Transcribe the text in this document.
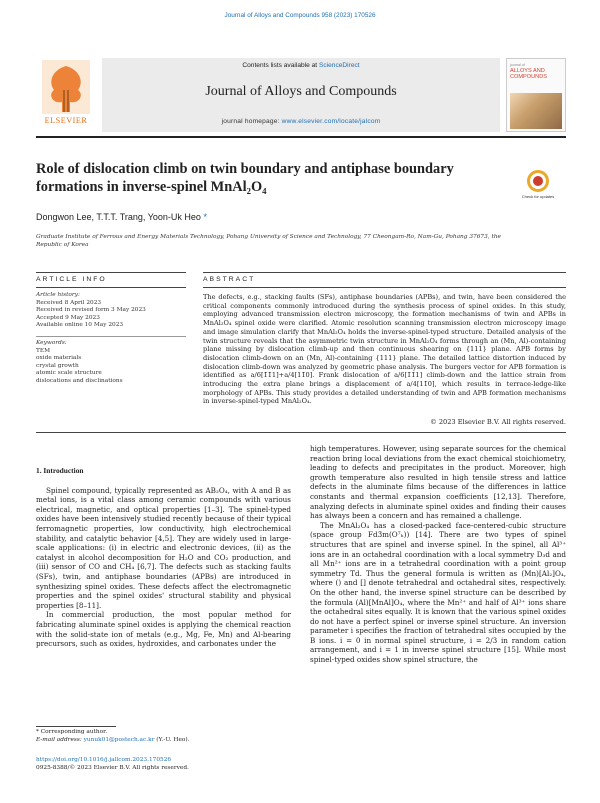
Journal of Alloys and Compounds 958 (2023) 170526
ELSEVIER
Contents lists available at ScienceDirect
Journal of Alloys and Compounds
journal homepage: www.elsevier.com/locate/jalcom
journal of
ALLOYS AND COMPOUNDS
Role of dislocation climb on twin boundary and antiphase boundary formations in inverse-spinel MnAl₂O₄
Check for updates
Dongwon Lee, T.T.T. Trang, Yoon-Uk Heo *
Graduate Institute of Ferrous and Energy Materials Technology, Pohang University of Science and Technology, 77 Cheongam-Ro, Nam-Gu, Pohang 37673, the Republic of Korea
ARTICLE INFO	ABSTRACT
Article history:
Received 8 April 2023
Received in revised form 3 May 2023
Accepted 9 May 2023
Available online 10 May 2023
Keywords:
TEM
oxide materials
crystal growth
atomic scale structure
dislocations and disclinations
The defects, e.g., stacking faults (SFs), antiphase boundaries (APBs), and twin, have been considered the critical components commonly introduced during the synthesis process of spinel oxides. In this study, employing advanced transmission electron microscopy, the formation mechanisms of twin and APBs in MnAl₂O₄ spinel oxide were clarified. Atomic resolution scanning transmission electron microscopy image and image simulation clarify that MnAl₂O₄ holds the inverse-spinel-typed structure. Detailed analysis of the twin structure reveals that the asymmetric twin structure in MnAl₂O₄ forms through an (Mn, Al)-containing plane missing by dislocation climb-up and then continuous shearing on {111} plane. APB forms by dislocation climb-down on an (Mn, Al)-containing {111} plane. The detailed lattice distortion induced by dislocation climb-down was analyzed by geometric phase analysis. The burgers vector for APB formation is identified as a/6[1̄1̄1]+a/4[11̄0]. Frank dislocation of a/6[1̄1̄1] climb-down and the lattice strain from introducing the extra plane brings a displacement of a/4[11̄0], which results in terrace-ledge-like morphology of APBs. This study provides a detailed understanding of twin and APB formation mechanisms in inverse-spinel-typed MnAl₂O₄.
© 2023 Elsevier B.V. All rights reserved.
1. Introduction

Spinel compound, typically represented as AB₂O₄, with A and B as metal ions, is a vital class among ceramic compounds with various electrical, magnetic, and optical properties [1–3]. The spinel-typed oxides have been intensively studied recently because of their typical ferromagnetic properties, low conductivity, high electrochemical stability, and catalytic behavior [4,5]. They are widely used in large-scale applications: (i) in electric and electronic devices, (ii) as the catalyst in alcohol decomposition for H₂O and CO₂ production, and (iii) sensor of CO and CH₄ [6,7]. The defects such as stacking faults (SFs), twin, and antiphase boundaries (APBs) are introduced in synthesizing spinel oxides. These defects affect the electromagnetic properties and the spinel oxides' structural stability and physical properties [8–11].

In commercial production, the most popular method for fabricating aluminate spinel oxides is applying the chemical reaction with the solid-state ion of metals (e.g., Mg, Fe, Mn) and Al-bearing precursors, such as oxides, hydroxides, and carbonates under the

high temperatures. However, using separate sources for the chemical reaction bring local deviations from the exact chemical stoichiometry, leading to defects and precipitates in the product. Moreover, high growth temperature also resulted in high tensile stress and lattice defects in the aluminate films because of the differences in lattice constants and thermal expansion coefficients [12,13]. Therefore, analyzing defects in aluminate spinel oxides and finding their causes has always been a concern and has remained a challenge.

The MnAl₂O₄ has a closed-packed face-centered-cubic structure (space group Fd3̄m(O⁷ₕ)) [14]. There are two types of spinel structures that are spinel and inverse spinel. In the spinel, all Al³⁺ ions are in an octahedral coordination with a local symmetry D₃d and all Mn²⁺ ions are in a tetrahedral coordination with a point group symmetry Td. Thus the general formula is written as (Mn)[Al₂]O₄, where () and [] denote tetrahedral and octahedral sites, respectively. On the other hand, the inverse spinel structure can be described by the formula (Al)[MnAl]O₄, where the Mn²⁺ and half of Al³⁺ ions share the octahedral sites equally. It is known that the various spinel oxides do not have a perfect spinel or inverse spinel structure. An inversion parameter i specifies the fraction of tetrahedral sites occupied by the B ions. i = 0 in normal spinel structure, i = 2/3 in random cation arrangement, and i = 1 in inverse spinel structure [15]. While most spinel-typed oxides show spinel structure, the

* Corresponding author.
E-mail address: yunuk01@postech.ac.kr (Y.-U. Heo).
https://doi.org/10.1016/j.jallcom.2023.170526
0925-8388/© 2023 Elsevier B.V. All rights reserved.
